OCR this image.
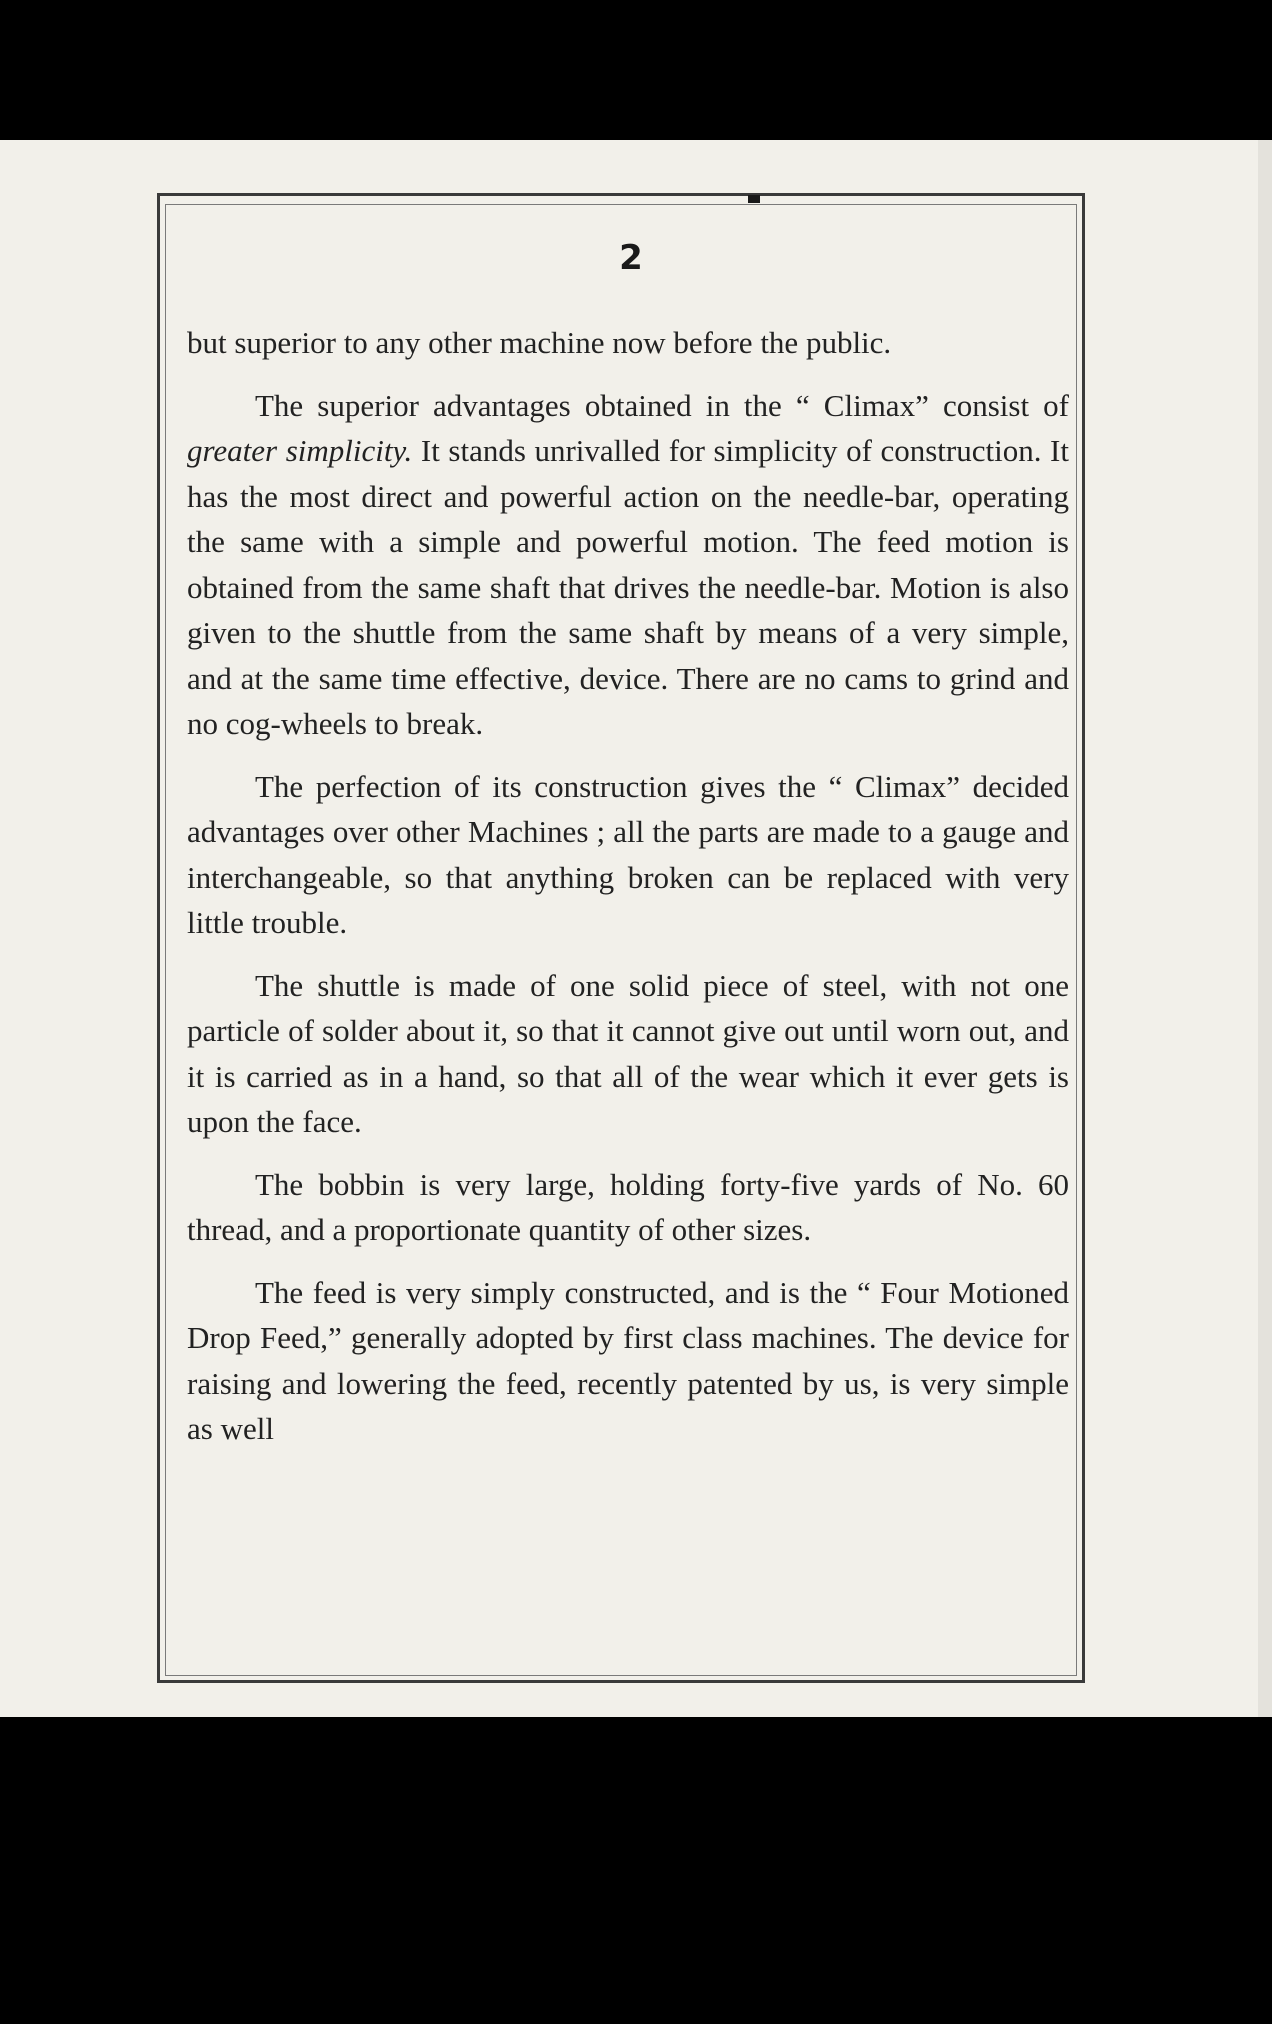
2

but superior to any other machine now before the public.

The superior advantages obtained in the “ Climax” consist of greater simplicity. It stands unrivalled for simplicity of construction. It has the most direct and powerful action on the needle-bar, operating the same with a simple and powerful motion. The feed motion is obtained from the same shaft that drives the needle-bar. Motion is also given to the shuttle from the same shaft by means of a very simple, and at the same time effective, device. There are no cams to grind and no cog-wheels to break.

The perfection of its construction gives the “ Climax” decided advantages over other Machines ; all the parts are made to a gauge and interchangeable, so that anything broken can be replaced with very little trouble.

The shuttle is made of one solid piece of steel, with not one particle of solder about it, so that it cannot give out until worn out, and it is carried as in a hand, so that all of the wear which it ever gets is upon the face.

The bobbin is very large, holding forty-five yards of No. 60 thread, and a proportionate quantity of other sizes.

The feed is very simply constructed, and is the “ Four Motioned Drop Feed,” generally adopted by first class machines. The device for raising and lowering the feed, recently patented by us, is very simple as well
